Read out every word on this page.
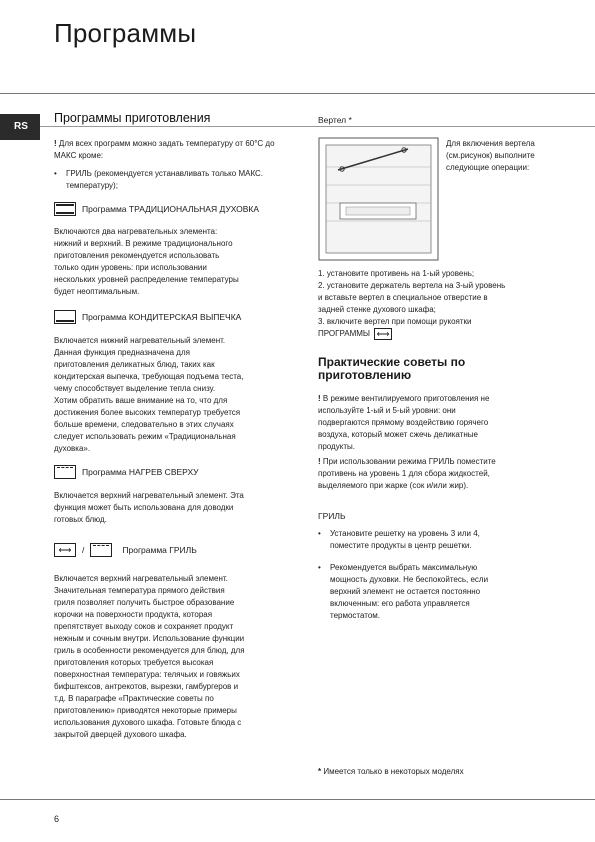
Программы
RS
Программы приготовления
! Для всех программ можно задать температуру от 60°C до МАКС кроме:
• ГРИЛЬ (рекомендуется устанавливать только МАКС. температуру);
Программа ТРАДИЦИОНАЛЬНАЯ ДУХОВКА
Включаются два нагревательных элемента:
нижний и верхний. В режиме традиционального
приготовления рекомендуется использовать
только один уровень: при использовании
нескольких уровней распределение температуры
будет неоптимальным.
Программа КОНДИТЕРСКАЯ ВЫПЕЧКА
Включается нижний нагревательный элемент.
Данная функция предназначена для
приготовления деликатных блюд, таких как
кондитерская выпечка, требующая подъема теста,
чему способствует выделение тепла снизу.
Хотим обратить ваше внимание на то, что для
достижения более высоких температур требуется
больше времени, следовательно в этих случаях
следует использовать режим «Традициональная
духовка».
Программа НАГРЕВ СВЕРХУ
Включается верхний нагревательный элемент. Эта
функция может быть использована для доводки
готовых блюд.
⟷	/	Программа ГРИЛЬ
Включается верхний нагревательный элемент.
Значительная температура прямого действия
гриля позволяет получить быстрое образование
корочки на поверхности продукта, которая
препятствует выходу соков и сохраняет продукт
нежным и сочным внутри. Использование функции
гриль в особенности рекомендуется для блюд, для
приготовления которых требуется высокая
поверхностная температура: телячьих и говяжьих
бифштексов, антрекотов, вырезки, гамбургеров и
т.д. В параграфе «Практические советы по
приготовлению» приводятся некоторые примеры
использования духового шкафа. Готовьте блюда с
закрытой дверцей духового шкафа.
Вертел *
Для включения вертела
(см.рисунок) выполните
следующие операции:
1. установите противень на 1-ый уровень;
2. установите держатель вертела на 3-ый уровень
и вставьте вертел в специальное отверстие в
задней стенке духового шкафа;
3. включите вертел при помощи рукоятки
ПРОГРАММЫ ⟷
Практические советы по
приготовлению
! В режиме вентилируемого приготовления не
используйте 1-ый и 5-ый уровни: они
подвергаются прямому воздействию горячего
воздуха, который может сжечь деликатные
продукты.
! При использовании режима ГРИЛЬ поместите
противень на уровень 1 для сбора жидкостей,
выделяемого при жарке (сок и/или жир).
ГРИЛЬ
• Установите решетку на уровень 3 или 4,
поместите продукты в центр решетки.
• Рекомендуется выбрать максимальную
мощность духовки. Не беспокойтесь, если
верхний элемент не остается постоянно
включенным: его работа управляется
термостатом.
* Имеется только в некоторых моделях
6
